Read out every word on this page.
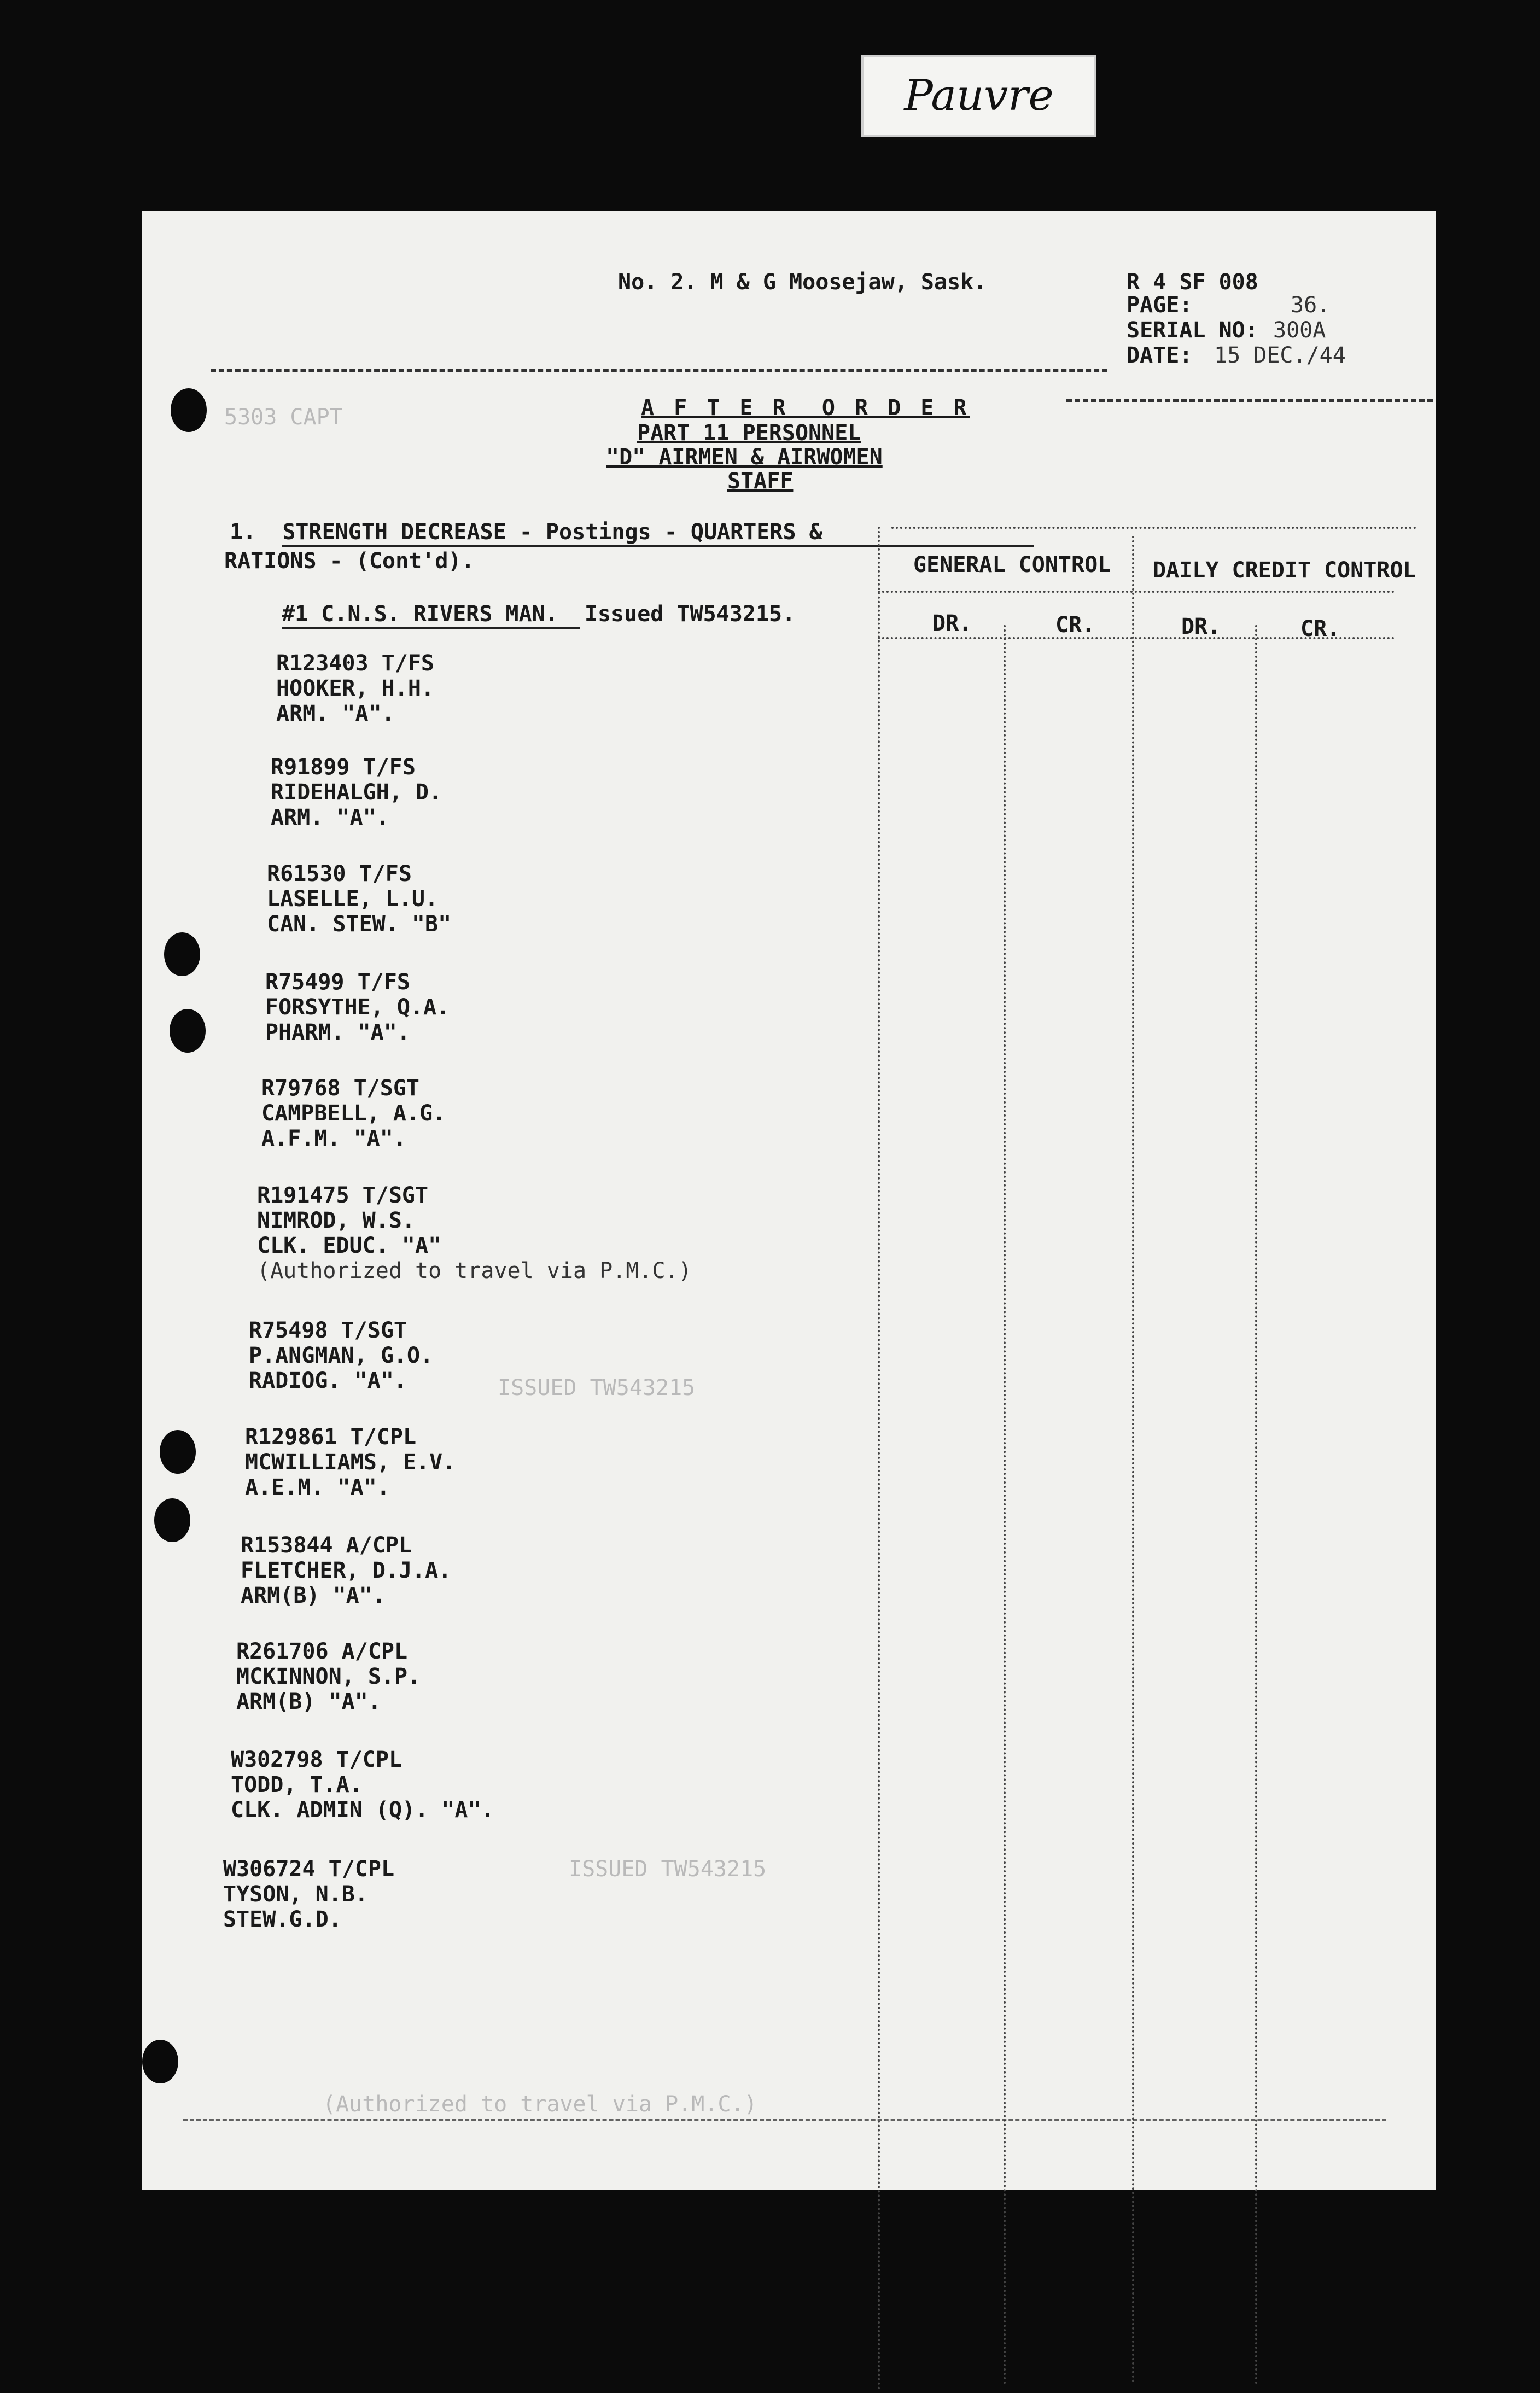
Pauvre
No. 2. M & G Moosejaw, Sask.	R 4 SF 008
PAGE:	36.
SERIAL NO: 300A
DATE: 15 DEC./44
5303 CAPT	A F T E R  O R D E R
PART 11 PERSONNEL
"D" AIRMEN & AIRWOMEN
STAFF
1.  STRENGTH DECREASE - Postings - QUARTERS &
RATIONS - (Cont'd).
#1 C.N.S. RIVERS MAN.  Issued TW543215.
GENERAL CONTROL DAILY CREDIT CONTROL
DR.	CR.	DR.	CR.
R123403 T/FS
HOOKER, H.H.
ARM. "A".
R91899 T/FS
RIDEHALGH, D.
ARM. "A".
R61530 T/FS
LASELLE, L.U.
CAN. STEW. "B"
R75499 T/FS
FORSYTHE, Q.A.
PHARM. "A".
R79768 T/SGT
CAMPBELL, A.G.
A.F.M. "A".
R191475 T/SGT
NIMROD, W.S.
CLK. EDUC. "A"
(Authorized to travel via P.M.C.)
R75498 T/SGT
P.ANGMAN, G.O.
RADIOG. "A".
R129861 T/CPL
MCWILLIAMS, E.V.
A.E.M. "A".
R153844 A/CPL
FLETCHER, D.J.A.
ARM(B) "A".
R261706 A/CPL
MCKINNON, S.P.
ARM(B) "A".
W302798 T/CPL
TODD, T.A.
CLK. ADMIN (Q). "A".
W306724 T/CPL
TYSON, N.B.
STEW.G.D.
ISSUED TW543215
ISSUED TW543215
(Authorized to travel via P.M.C.)
